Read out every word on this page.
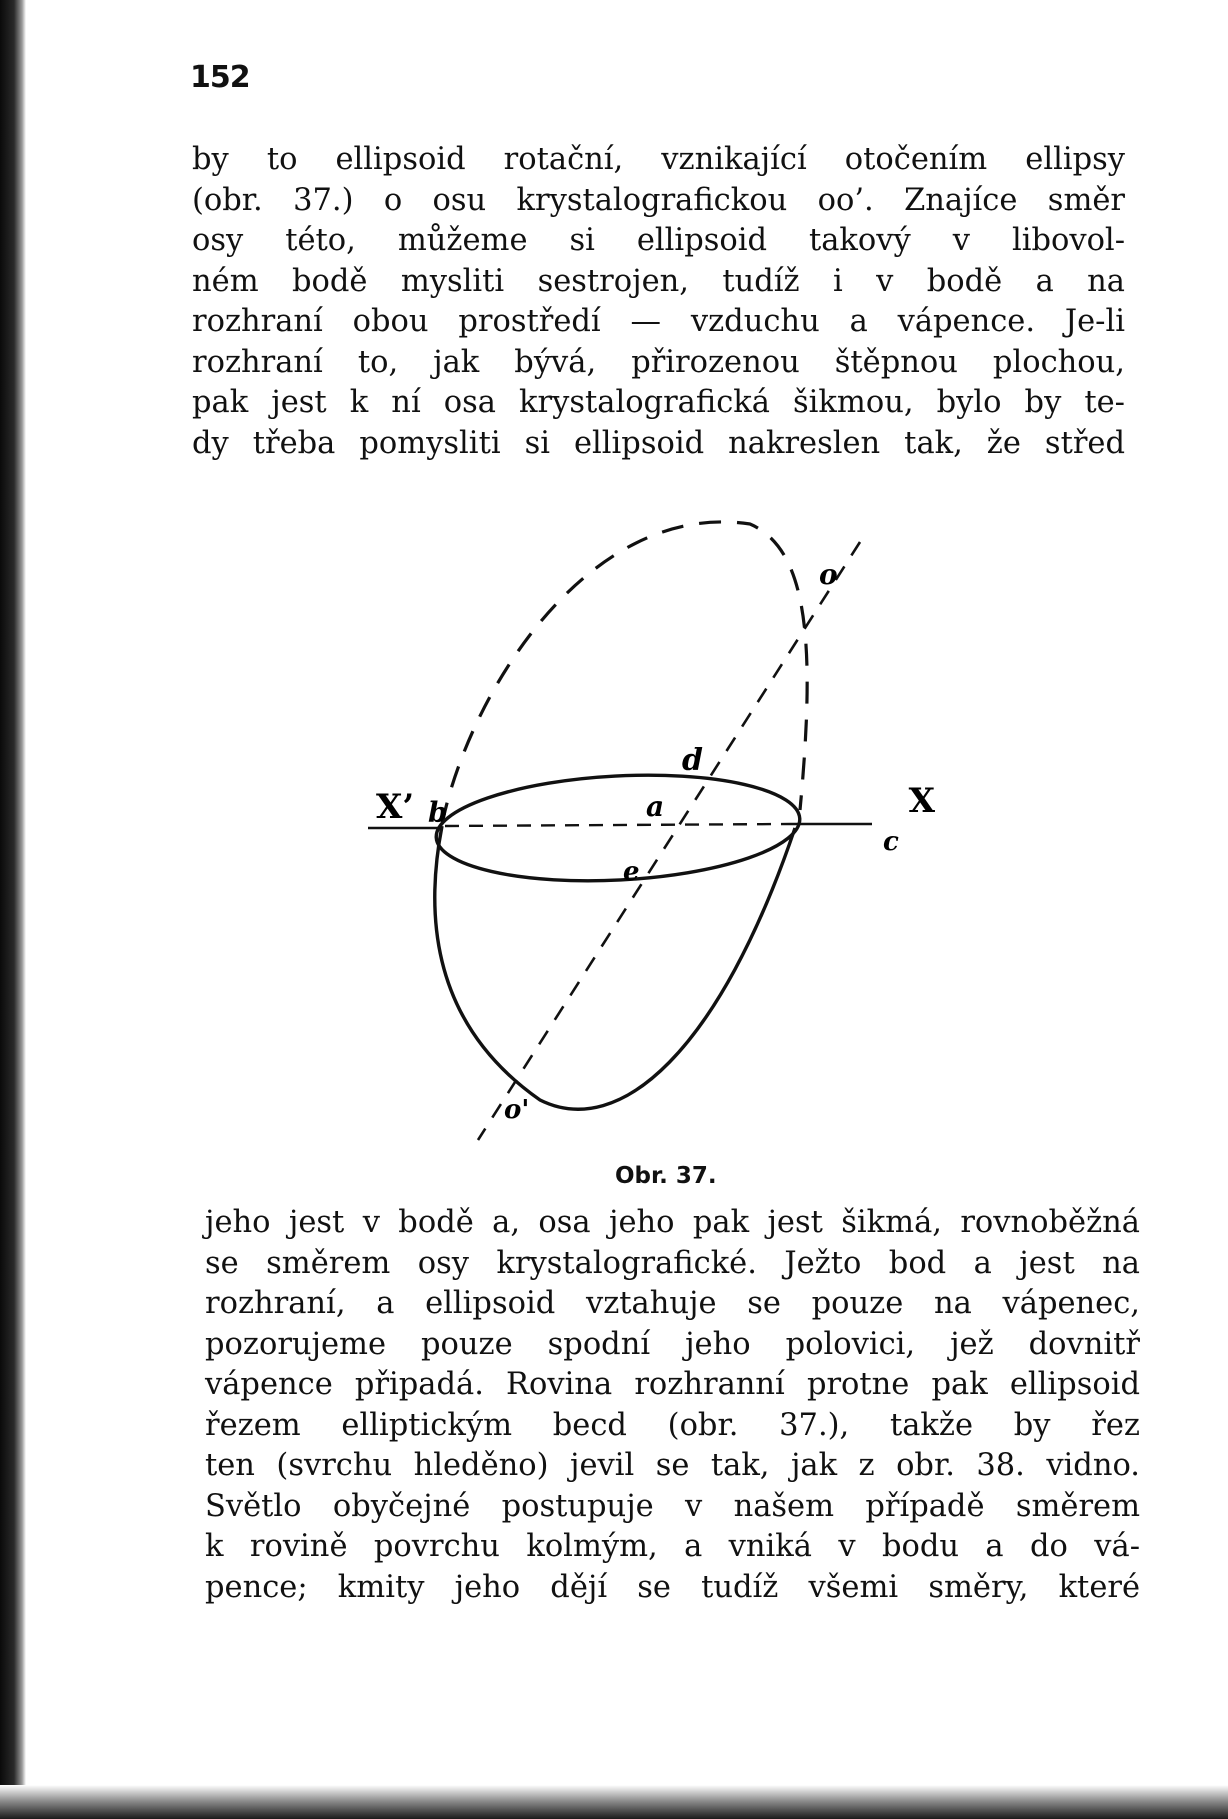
152
by to ellipsoid rotační, vznikající otočením ellipsy
(obr. 37.) o osu krystalografickou oo’. Znajíce směr
osy této, můžeme si ellipsoid takový v libovol-
ném bodě mysliti sestrojen, tudíž i v bodě a na
rozhraní obou prostředí — vzduchu a vápence. Je-li
rozhraní to, jak bývá, přirozenou štěpnou plochou,
pak jest k ní osa krystalografická šikmou, bylo by te-
dy třeba pomysliti si ellipsoid nakreslen tak, že střed
o
o'
X’	X
b
c
d
a
e
Obr. 37.
jeho jest v bodě a, osa jeho pak jest šikmá, rovnoběžná
se směrem osy krystalografické. Ježto bod a jest na
rozhraní, a ellipsoid vztahuje se pouze na vápenec,
pozorujeme pouze spodní jeho polovici, jež dovnitř
vápence připadá. Rovina rozhranní protne pak ellipsoid
řezem elliptickým becd (obr. 37.), takže by řez
ten (svrchu hleděno) jevil se tak, jak z obr. 38. vidno.
Světlo obyčejné postupuje v našem případě směrem
k rovině povrchu kolmým, a vniká v bodu a do vá-
pence; kmity jeho dějí se tudíž všemi směry, které
